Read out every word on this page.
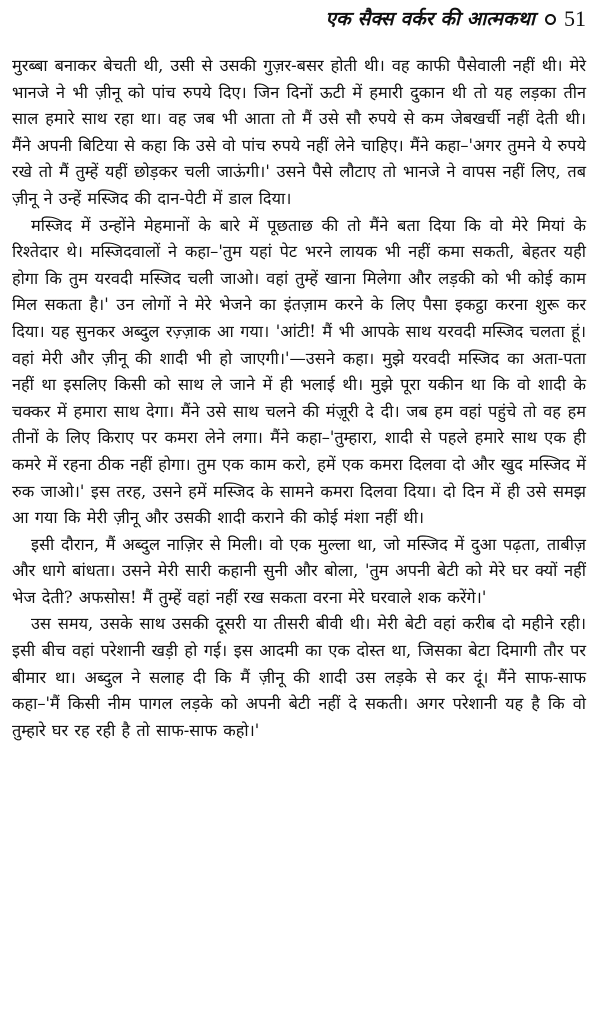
एक सैक्स वर्कर की आत्मकथा 51

मुरब्बा बनाकर बेचती थी, उसी से उसकी गुज़र-बसर होती थी। वह काफी पैसेवाली नहीं थी। मेरे भानजे ने भी ज़ीनू को पांच रुपये दिए। जिन दिनों ऊटी में हमारी दुकान थी तो यह लड़का तीन साल हमारे साथ रहा था। वह जब भी आता तो मैं उसे सौ रुपये से कम जेबखर्ची नहीं देती थी। मैंने अपनी बिटिया से कहा कि उसे वो पांच रुपये नहीं लेने चाहिए। मैंने कहा–'अगर तुमने ये रुपये रखे तो मैं तुम्हें यहीं छोड़कर चली जाऊंगी।' उसने पैसे लौटाए तो भानजे ने वापस नहीं लिए, तब ज़ीनू ने उन्हें मस्जिद की दान-पेटी में डाल दिया।

मस्जिद में उन्होंने मेहमानों के बारे में पूछताछ की तो मैंने बता दिया कि वो मेरे मियां के रिश्तेदार थे। मस्जिदवालों ने कहा–'तुम यहां पेट भरने लायक भी नहीं कमा सकती, बेहतर यही होगा कि तुम यरवदी मस्जिद चली जाओ। वहां तुम्हें खाना मिलेगा और लड़की को भी कोई काम मिल सकता है।' उन लोगों ने मेरे भेजने का इंतज़ाम करने के लिए पैसा इकट्ठा करना शुरू कर दिया। यह सुनकर अब्दुल रज़्ज़ाक आ गया। 'आंटी! मैं भी आपके साथ यरवदी मस्जिद चलता हूं। वहां मेरी और ज़ीनू की शादी भी हो जाएगी।'—उसने कहा। मुझे यरवदी मस्जिद का अता-पता नहीं था इसलिए किसी को साथ ले जाने में ही भलाई थी। मुझे पूरा यकीन था कि वो शादी के चक्कर में हमारा साथ देगा। मैंने उसे साथ चलने की मंज़ूरी दे दी। जब हम वहां पहुंचे तो वह हम तीनों के लिए किराए पर कमरा लेने लगा। मैंने कहा–'तुम्हारा, शादी से पहले हमारे साथ एक ही कमरे में रहना ठीक नहीं होगा। तुम एक काम करो, हमें एक कमरा दिलवा दो और खुद मस्जिद में रुक जाओ।' इस तरह, उसने हमें मस्जिद के सामने कमरा दिलवा दिया। दो दिन में ही उसे समझ आ गया कि मेरी ज़ीनू और उसकी शादी कराने की कोई मंशा नहीं थी।

इसी दौरान, मैं अब्दुल नाज़िर से मिली। वो एक मुल्ला था, जो मस्जिद में दुआ पढ़ता, ताबीज़ और धागे बांधता। उसने मेरी सारी कहानी सुनी और बोला, 'तुम अपनी बेटी को मेरे घर क्यों नहीं भेज देती? अफसोस! मैं तुम्हें वहां नहीं रख सकता वरना मेरे घरवाले शक करेंगे।'

उस समय, उसके साथ उसकी दूसरी या तीसरी बीवी थी। मेरी बेटी वहां करीब दो महीने रही। इसी बीच वहां परेशानी खड़ी हो गई। इस आदमी का एक दोस्त था, जिसका बेटा दिमागी तौर पर बीमार था। अब्दुल ने सलाह दी कि मैं ज़ीनू की शादी उस लड़के से कर दूं। मैंने साफ-साफ कहा–'मैं किसी नीम पागल लड़के को अपनी बेटी नहीं दे सकती। अगर परेशानी यह है कि वो तुम्हारे घर रह रही है तो साफ-साफ कहो।'
